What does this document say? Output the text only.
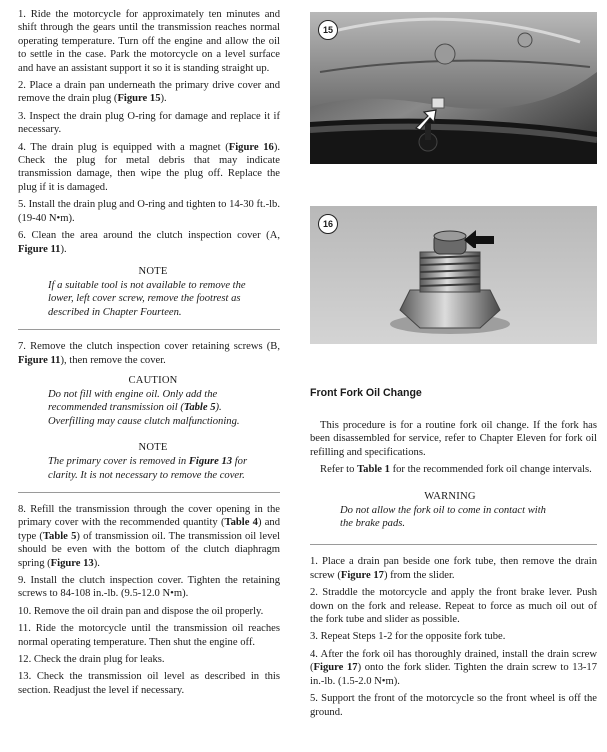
1. Ride the motorcycle for approximately ten minutes and shift through the gears until the transmission reaches normal operating temperature. Turn off the engine and allow the oil to settle in the case. Park the motorcycle on a level surface and have an assistant support it so it is standing straight up.

2. Place a drain pan underneath the primary drive cover and remove the drain plug (Figure 15).

3. Inspect the drain plug O-ring for damage and replace it if necessary.

4. The drain plug is equipped with a magnet (Figure 16). Check the plug for metal debris that may indicate transmission damage, then wipe the plug off. Replace the plug if it is damaged.

5. Install the drain plug and O-ring and tighten to 14-30 ft.-lb. (19-40 N•m).

6. Clean the area around the clutch inspection cover (A, Figure 11).

NOTE

If a suitable tool is not available to remove the lower, left cover screw, remove the footrest as described in Chapter Fourteen.

7. Remove the clutch inspection cover retaining screws (B, Figure 11), then remove the cover.

CAUTION

Do not fill with engine oil. Only add the recommended transmission oil (Table 5). Overfilling may cause clutch malfunctioning.

NOTE

The primary cover is removed in Figure 13 for clarity. It is not necessary to remove the cover.

8. Refill the transmission through the cover opening in the primary cover with the recommended quantity (Table 4) and type (Table 5) of transmission oil. The transmission oil level should be even with the bottom of the clutch diaphragm spring (Figure 13).

9. Install the clutch inspection cover. Tighten the retaining screws to 84-108 in.-lb. (9.5-12.0 N•m).

10. Remove the oil drain pan and dispose the oil properly.

11. Ride the motorcycle until the transmission oil reaches normal operating temperature. Then shut the engine off.

12. Check the drain plug for leaks.

13. Check the transmission oil level as described in this section. Readjust the level if necessary.

15
16
Front Fork Oil Change

This procedure is for a routine fork oil change. If the fork has been disassembled for service, refer to Chapter Eleven for fork oil refilling and specifications.

Refer to Table 1 for the recommended fork oil change intervals.

WARNING

Do not allow the fork oil to come in contact with the brake pads.

1. Place a drain pan beside one fork tube, then remove the drain screw (Figure 17) from the slider.

2. Straddle the motorcycle and apply the front brake lever. Push down on the fork and release. Repeat to force as much oil out of the fork tube and slider as possible.

3. Repeat Steps 1-2 for the opposite fork tube.

4. After the fork oil has thoroughly drained, install the drain screw (Figure 17) onto the fork slider. Tighten the drain screw to 13-17 in.-lb. (1.5-2.0 N•m).

5. Support the front of the motorcycle so the front wheel is off the ground.
